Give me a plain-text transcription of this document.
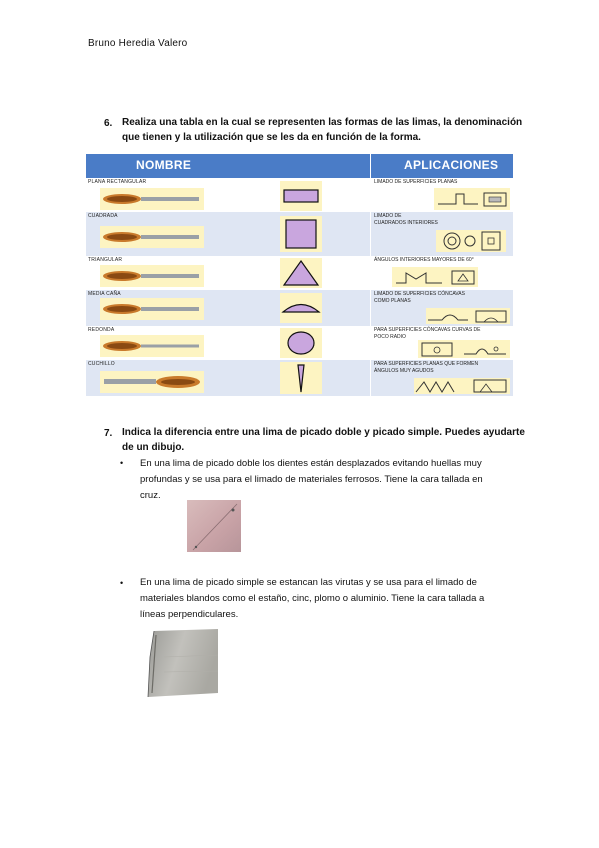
Bruno Heredia Valero
6. Realiza una tabla en la cual se representen las formas de las limas, la denominación
que tienen y la utilización que se les da en función de la forma.
NOMBRE	APLICACIONES
PLANA RECTANGULAR	LIMADO DE SUPERFICIES PLANAS
CUADRADA	LIMADO DE
CUADRADOS INTERIORES
TRIANGULAR	ÁNGULOS INTERIORES MAYORES DE 60°
MEDIA CAÑA	LIMADO DE SUPERFICIES CÓNCAVAS
COMO PLANAS
REDONDA	PARA SUPERFICIES CÓNCAVAS CURVAS DE
POCO RADIO
CUCHILLO	PARA SUPERFICIES PLANAS QUE FORMEN
ÁNGULOS MUY AGUDOS
7. Indica la diferencia entre una lima de picado doble y picado simple. Puedes ayudarte
de un dibujo.
• En una lima de picado doble los dientes están desplazados evitando huellas muy
profundas y se usa para el limado de materiales ferrosos. Tiene la cara tallada en
cruz.
• En una lima de picado simple se estancan las virutas y se usa para el limado de
materiales blandos como el estaño, cinc, plomo o aluminio. Tiene la cara tallada a
líneas perpendiculares.
